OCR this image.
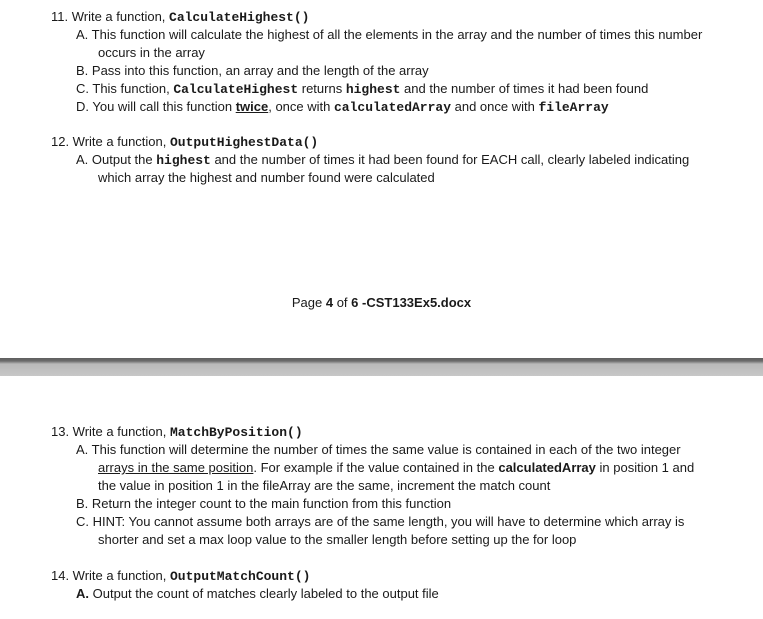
11. Write a function, CalculateHighest()
A. This function will calculate the highest of all the elements in the array and the number of times this number
occurs in the array
B. Pass into this function, an array and the length of the array
C. This function, CalculateHighest returns highest and the number of times it had been found
D. You will call this function twice, once with calculatedArray and once with fileArray
12. Write a function, OutputHighestData()
A. Output the highest and the number of times it had been found for EACH call, clearly labeled indicating
which array the highest and number found were calculated
Page 4 of 6 -CST133Ex5.docx
13. Write a function, MatchByPosition()
A. This function will determine the number of times the same value is contained in each of the two integer
arrays in the same position. For example if the value contained in the calculatedArray in position 1 and
the value in position 1 in the fileArray are the same, increment the match count
B. Return the integer count to the main function from this function
C. HINT: You cannot assume both arrays are of the same length, you will have to determine which array is
shorter and set a max loop value to the smaller length before setting up the for loop
14. Write a function, OutputMatchCount()
A. Output the count of matches clearly labeled to the output file
